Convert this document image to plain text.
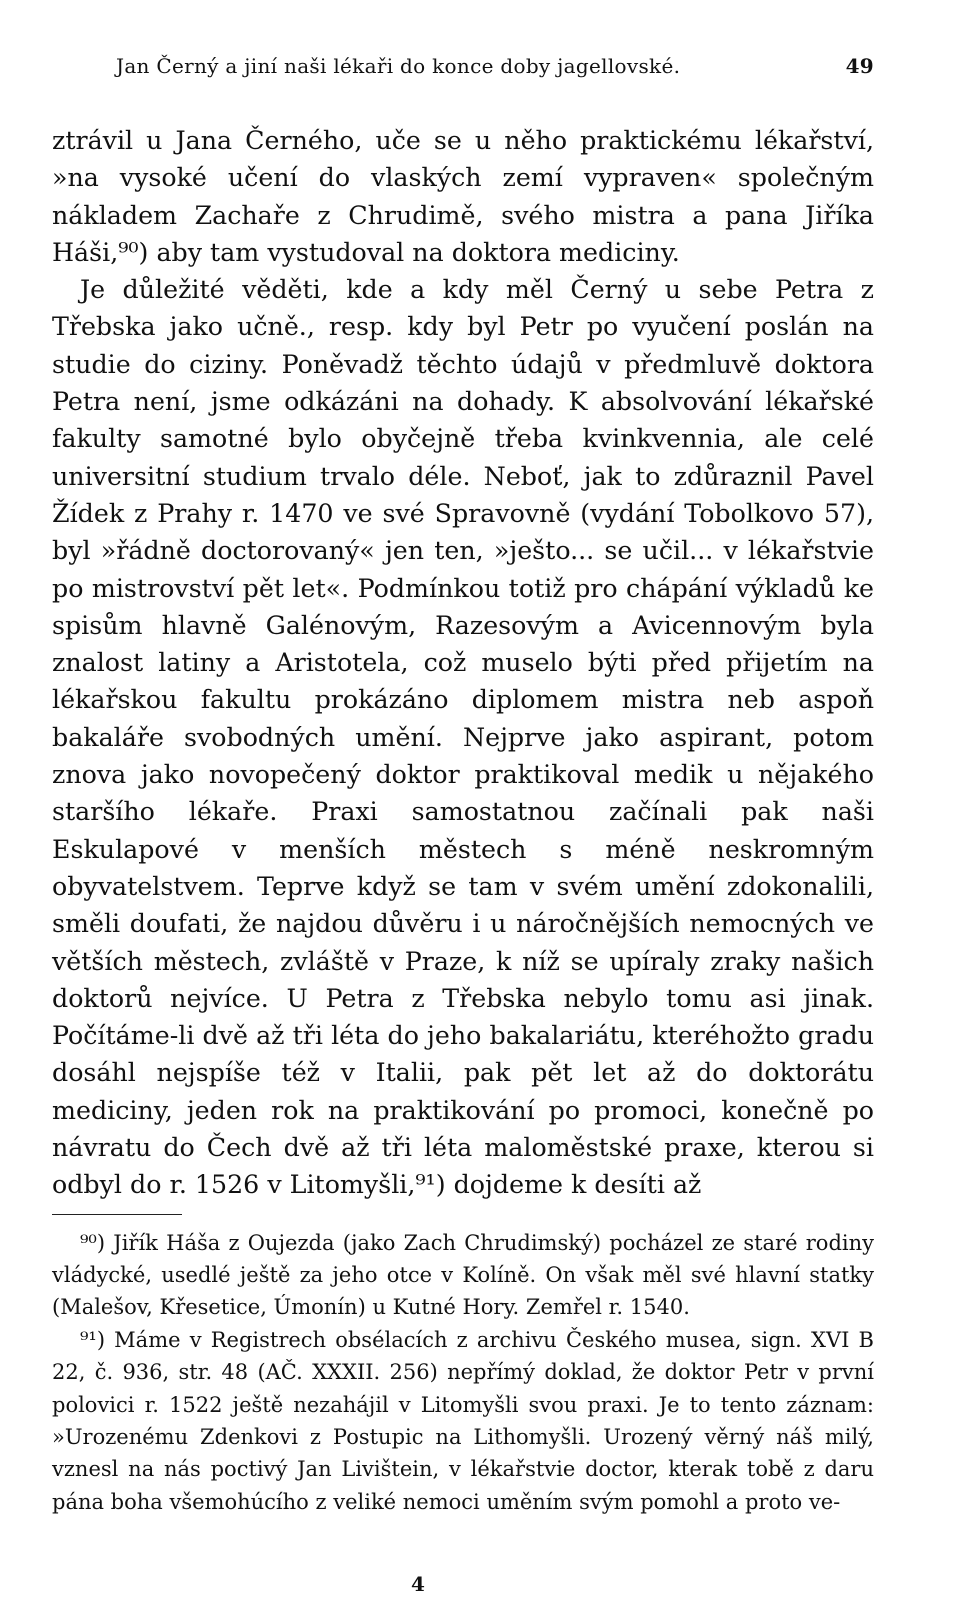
Jan Černý a jiní naši lékaři do konce doby jagellovské.	49

ztrávil u Jana Černého, uče se u něho praktickému lékařství, »na vysoké učení do vlaských zemí vypraven« společným nákladem Zachaře z Chrudimě, svého mistra a pana Jiříka Háši,⁹⁰) aby tam vystudoval na doktora mediciny.

Je důležité věděti, kde a kdy měl Černý u sebe Petra z Třebska jako učně., resp. kdy byl Petr po vyučení poslán na studie do ciziny. Poněvadž těchto údajů v předmluvě doktora Petra není, jsme odkázáni na dohady. K absolvování lékařské fakulty samotné bylo obyčejně třeba kvinkvennia, ale celé universitní studium trvalo déle. Neboť, jak to zdůraznil Pavel Žídek z Prahy r. 1470 ve své Spravovně (vydání Tobolkovo 57), byl »řádně doctorovaný« jen ten, »ješto... se učil... v lékařstvie po mistrovství pět let«. Podmínkou totiž pro chápání výkladů ke spisům hlavně Galénovým, Razesovým a Avicennovým byla znalost latiny a Aristotela, což muselo býti před přijetím na lékařskou fakultu prokázáno diplomem mistra neb aspoň bakaláře svobodných umění. Nejprve jako aspirant, potom znova jako novopečený doktor praktikoval medik u nějakého staršího lékaře. Praxi samostatnou začínali pak naši Eskulapové v menších městech s méně neskromným obyvatelstvem. Teprve když se tam v svém umění zdokonalili, směli doufati, že najdou důvěru i u náročnějších nemocných ve větších městech, zvláště v Praze, k níž se upíraly zraky našich doktorů nejvíce. U Petra z Třebska nebylo tomu asi jinak. Počítáme-li dvě až tři léta do jeho bakalariátu, kteréhožto gradu dosáhl nejspíše též v Italii, pak pět let až do doktorátu mediciny, jeden rok na praktikování po promoci, konečně po návratu do Čech dvě až tři léta maloměstské praxe, kterou si odbyl do r. 1526 v Litomyšli,⁹¹) dojdeme k desíti až

⁹⁰) Jiřík Háša z Oujezda (jako Zach Chrudimský) pocházel ze staré rodiny vládycké, usedlé ještě za jeho otce v Kolíně. On však měl své hlavní statky (Malešov, Křesetice, Úmonín) u Kutné Hory. Zemřel r. 1540.

⁹¹) Máme v Registrech obsélacích z archivu Českého musea, sign. XVI B 22, č. 936, str. 48 (AČ. XXXII. 256) nepřímý doklad, že doktor Petr v první polovici r. 1522 ještě nezahájil v Litomyšli svou praxi. Je to tento záznam: »Urozenému Zdenkovi z Postupic na Lithomyšli. Urozený věrný náš milý, vznesl na nás poctivý Jan Livištein, v lékařstvie doctor, kterak tobě z daru pána boha všemohúcího z veliké nemoci uměním svým pomohl a proto ve-

4
